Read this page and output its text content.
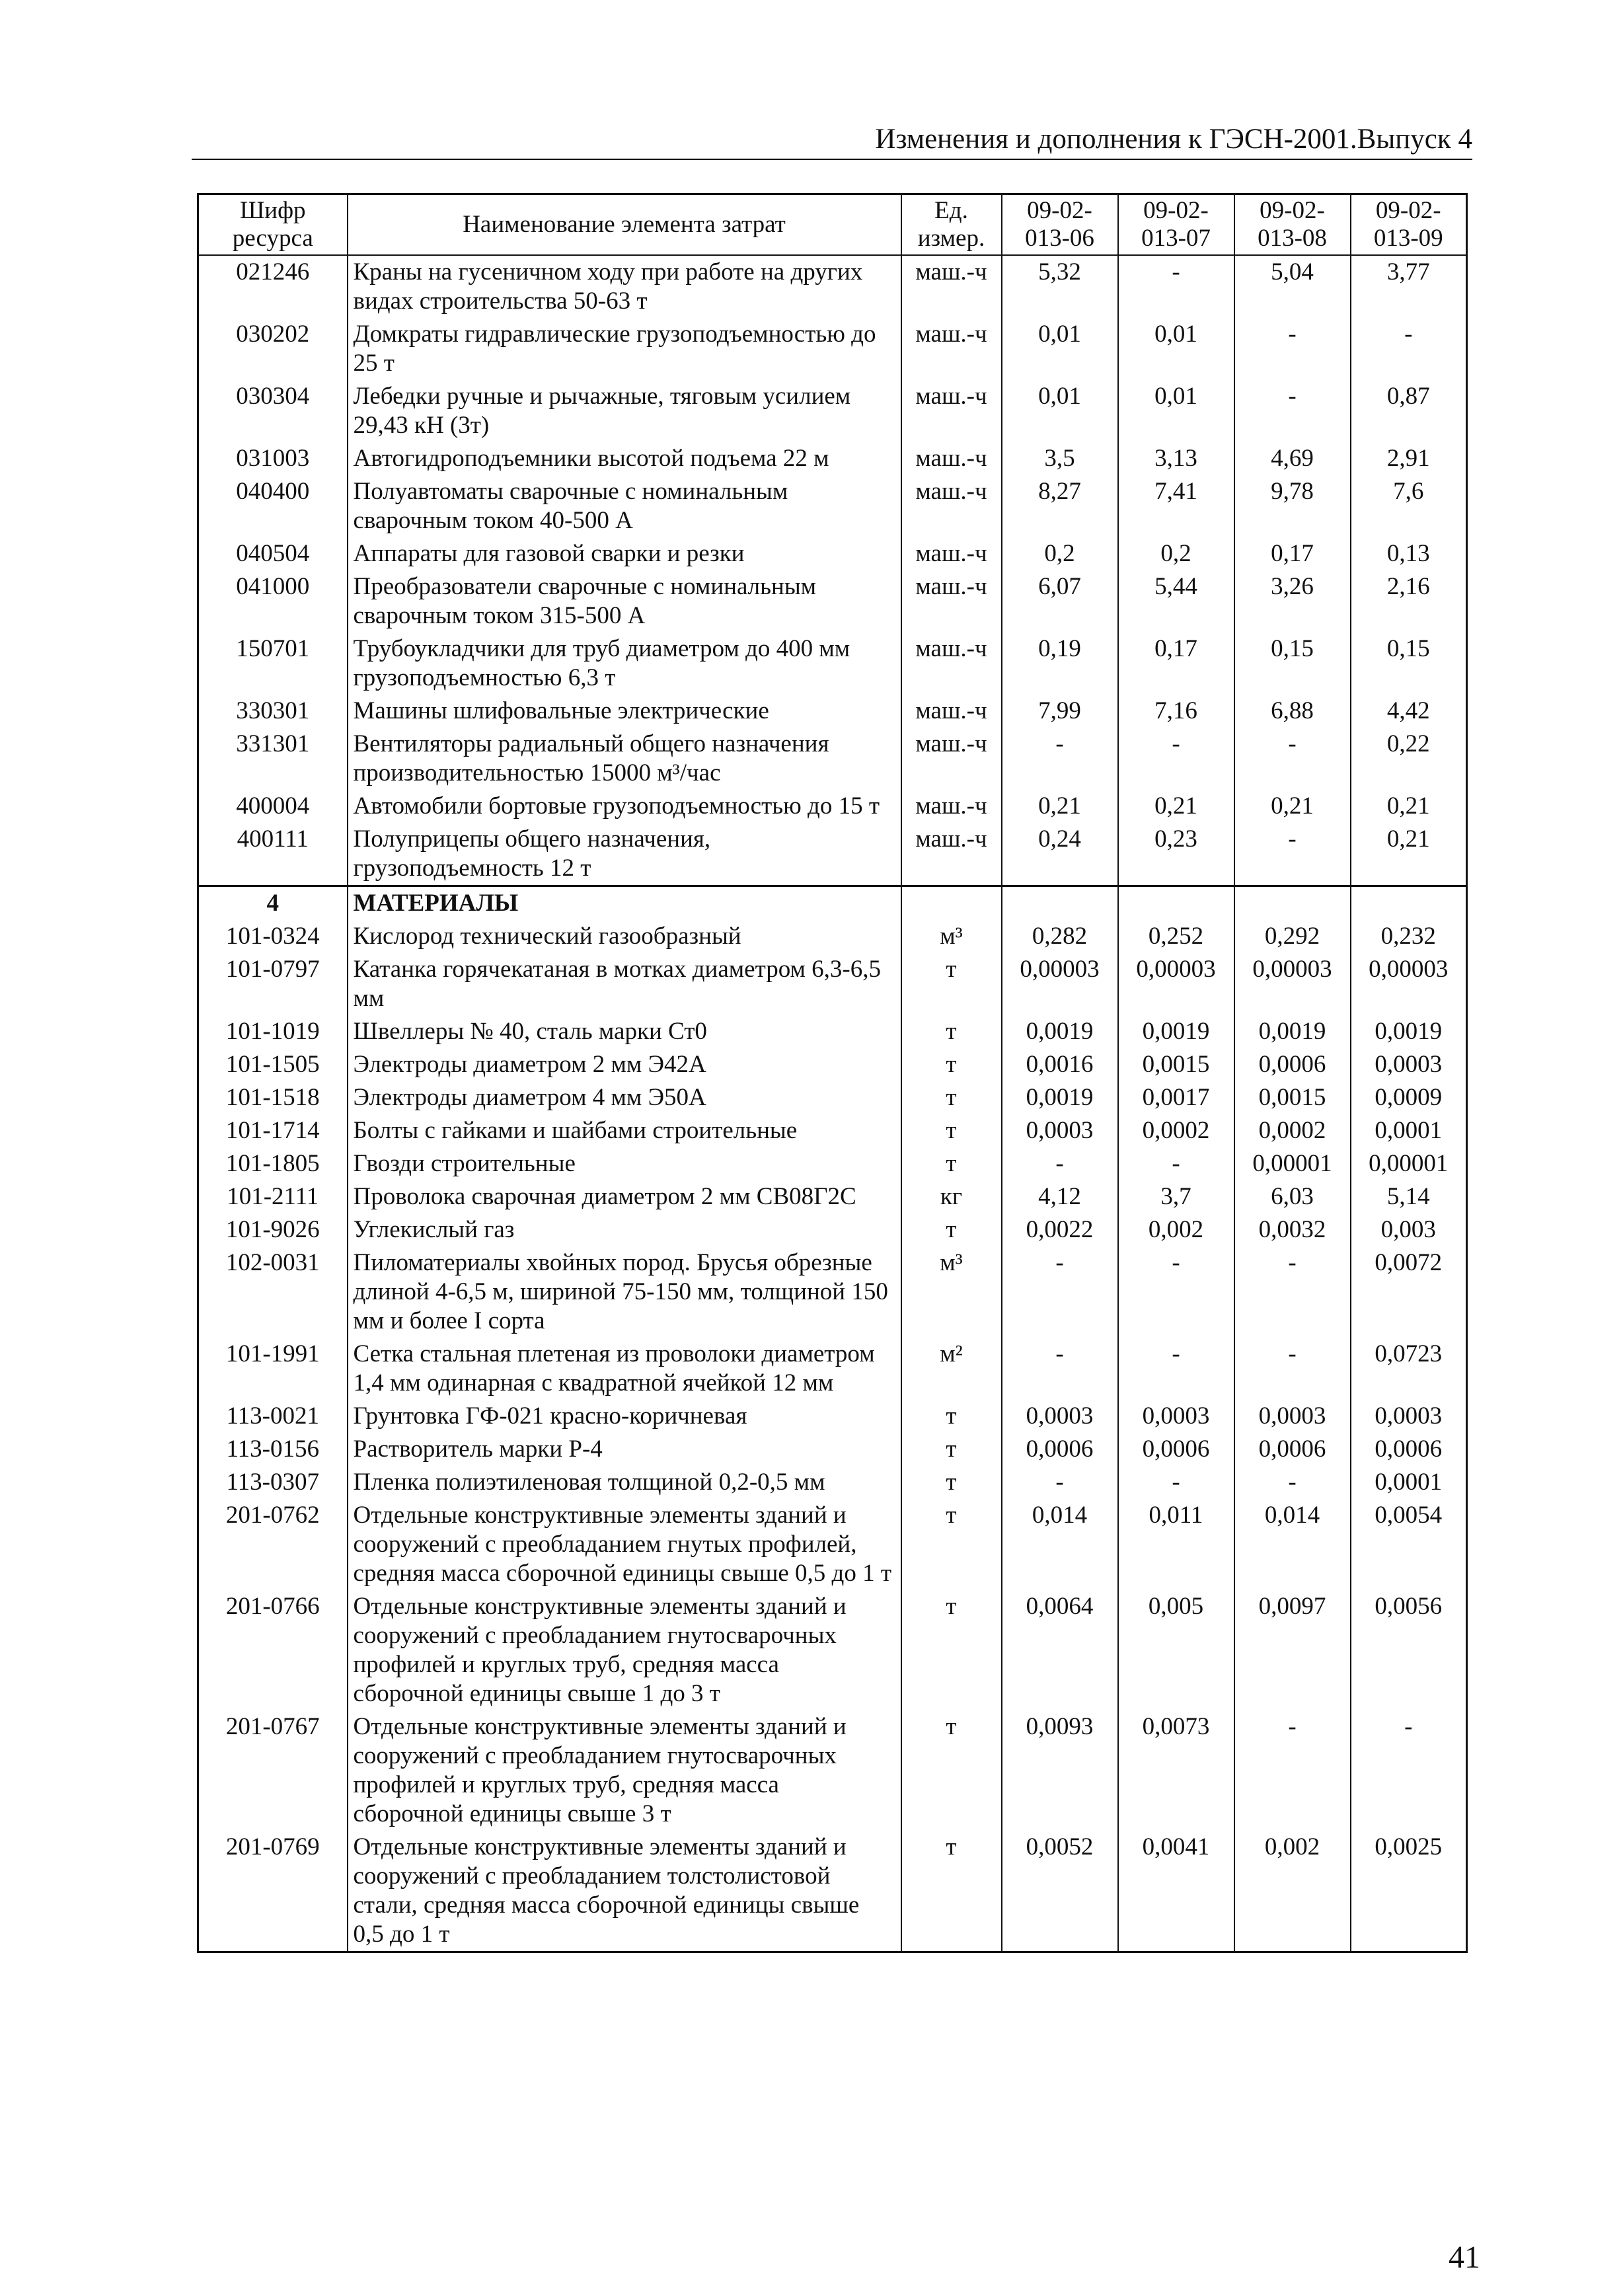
Изменения и дополнения к ГЭСН-2001.Выпуск 4
Шифр ресурса	Наименование элемента затрат	Ед. измер.	09-02-013-06	09-02-013-07	09-02-013-08	09-02-013-09
021246	Краны на гусеничном ходу при работе на других видах строительства 50-63 т	маш.-ч	5,32	-	5,04	3,77
030202	Домкраты гидравлические грузоподъемностью до 25 т	маш.-ч	0,01	0,01	-	-
030304	Лебедки ручные и рычажные, тяговым усилием 29,43 кН (3т)	маш.-ч	0,01	0,01	-	0,87
031003	Автогидроподъемники высотой подъема 22 м	маш.-ч	3,5	3,13	4,69	2,91
040400	Полуавтоматы сварочные с номинальным сварочным током 40-500 А	маш.-ч	8,27	7,41	9,78	7,6
040504	Аппараты для газовой сварки и резки	маш.-ч	0,2	0,2	0,17	0,13
041000	Преобразователи сварочные с номинальным сварочным током 315-500 А	маш.-ч	6,07	5,44	3,26	2,16
150701	Трубоукладчики для труб диаметром до 400 мм грузоподъемностью 6,3 т	маш.-ч	0,19	0,17	0,15	0,15
330301	Машины шлифовальные электрические	маш.-ч	7,99	7,16	6,88	4,42
331301	Вентиляторы радиальный общего назначения производительностью 15000 м³/час	маш.-ч	-	-	-	0,22
400004	Автомобили бортовые грузоподъемностью до 15 т	маш.-ч	0,21	0,21	0,21	0,21
400111	Полуприцепы общего назначения, грузоподъемность 12 т	маш.-ч	0,24	0,23	-	0,21
4	МАТЕРИАЛЫ					
101-0324	Кислород технический газообразный	м³	0,282	0,252	0,292	0,232
101-0797	Катанка горячекатаная в мотках диаметром 6,3-6,5 мм	т	0,00003	0,00003	0,00003	0,00003
101-1019	Швеллеры № 40, сталь марки Ст0	т	0,0019	0,0019	0,0019	0,0019
101-1505	Электроды диаметром 2 мм Э42А	т	0,0016	0,0015	0,0006	0,0003
101-1518	Электроды диаметром 4 мм Э50А	т	0,0019	0,0017	0,0015	0,0009
101-1714	Болты с гайками и шайбами строительные	т	0,0003	0,0002	0,0002	0,0001
101-1805	Гвозди строительные	т	-	-	0,00001	0,00001
101-2111	Проволока сварочная диаметром 2 мм СВ08Г2С	кг	4,12	3,7	6,03	5,14
101-9026	Углекислый газ	т	0,0022	0,002	0,0032	0,003
102-0031	Пиломатериалы хвойных пород. Брусья обрезные длиной 4-6,5 м, шириной 75-150 мм, толщиной 150 мм и более I сорта	м³	-	-	-	0,0072
101-1991	Сетка стальная плетеная из проволоки диаметром 1,4 мм одинарная с квадратной ячейкой 12 мм	м²	-	-	-	0,0723
113-0021	Грунтовка ГФ-021 красно-коричневая	т	0,0003	0,0003	0,0003	0,0003
113-0156	Растворитель марки Р-4	т	0,0006	0,0006	0,0006	0,0006
113-0307	Пленка полиэтиленовая толщиной 0,2-0,5 мм	т	-	-	-	0,0001
201-0762	Отдельные конструктивные элементы зданий и сооружений с преобладанием гнутых профилей, средняя масса сборочной единицы свыше 0,5 до 1 т	т	0,014	0,011	0,014	0,0054
201-0766	Отдельные конструктивные элементы зданий и сооружений с преобладанием гнутосварочных профилей и круглых труб, средняя масса сборочной единицы свыше 1 до 3 т	т	0,0064	0,005	0,0097	0,0056
201-0767	Отдельные конструктивные элементы зданий и сооружений с преобладанием гнутосварочных профилей и круглых труб, средняя масса сборочной единицы свыше 3 т	т	0,0093	0,0073	-	-
201-0769	Отдельные конструктивные элементы зданий и сооружений с преобладанием толстолистовой стали, средняя масса сборочной единицы свыше 0,5 до 1 т	т	0,0052	0,0041	0,002	0,0025
41
